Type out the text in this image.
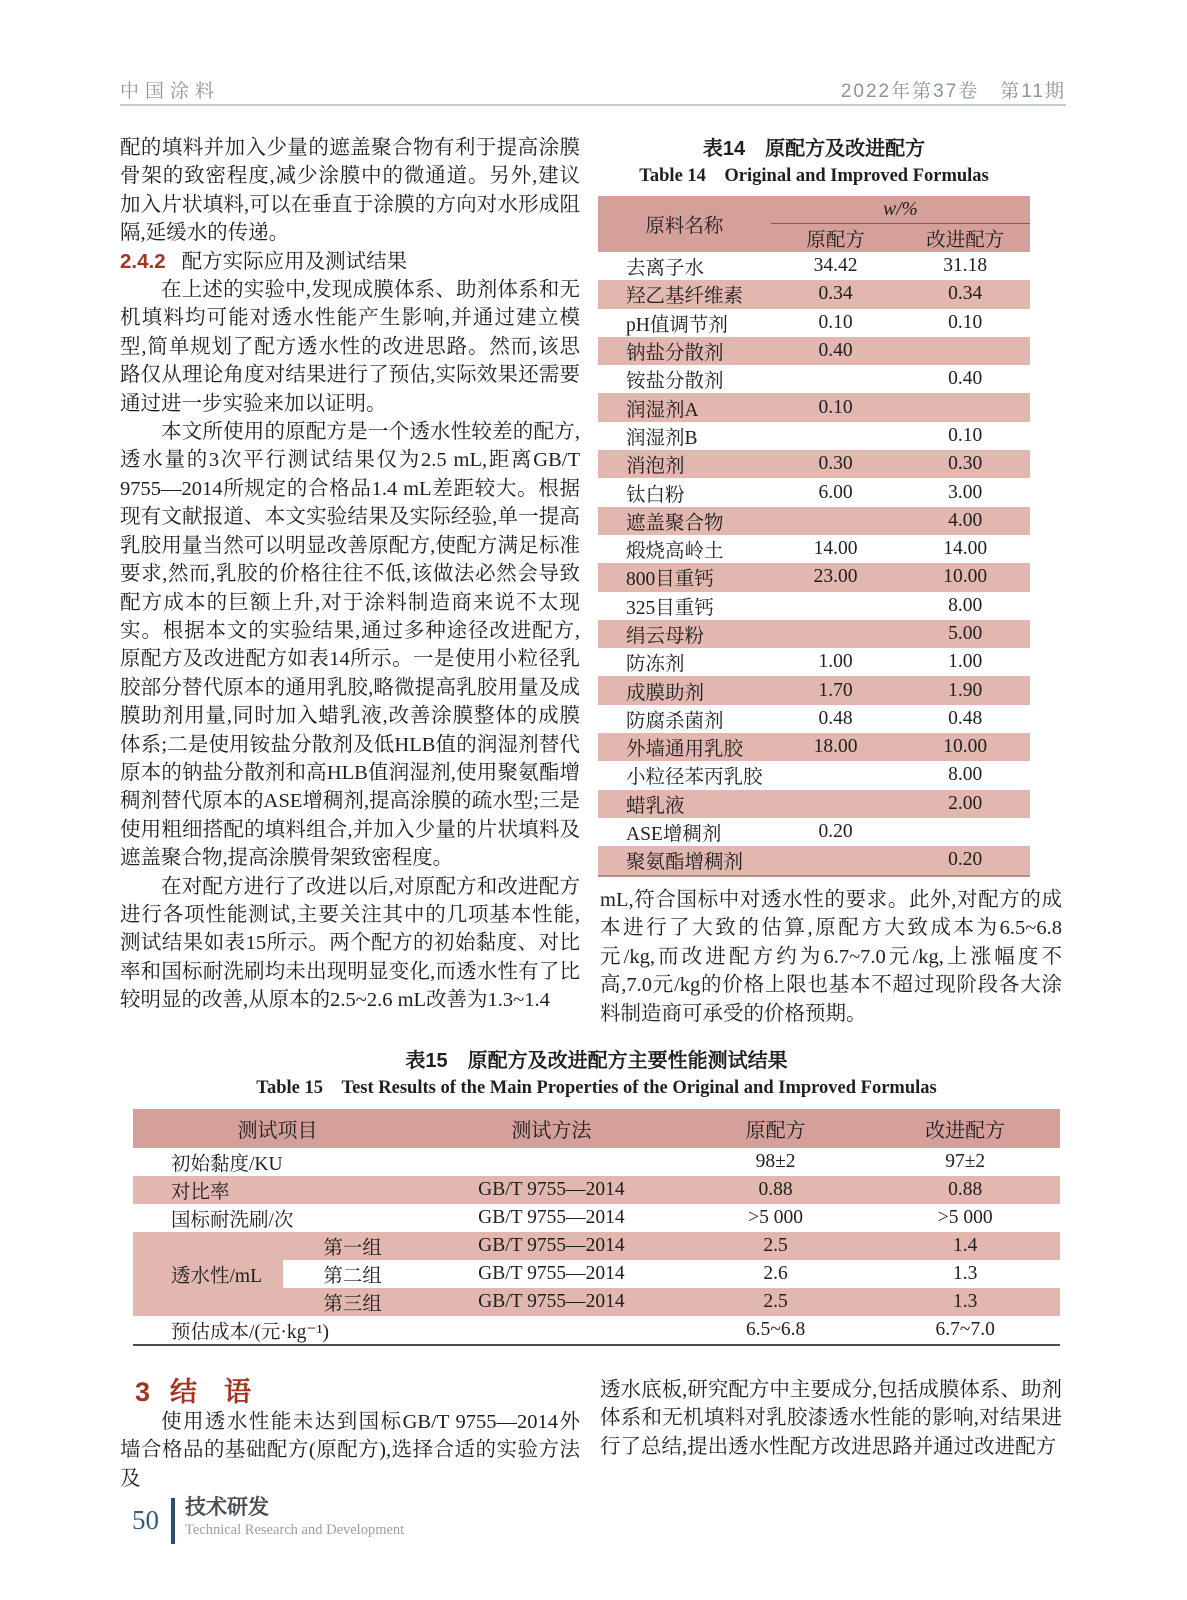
中国涂料	2022年第37卷　第11期

配的填料并加入少量的遮盖聚合物有利于提高涂膜骨架的致密程度,减少涂膜中的微通道。另外,建议加入片状填料,可以在垂直于涂膜的方向对水形成阻隔,延缓水的传递。

2.4.2 配方实际应用及测试结果

在上述的实验中,发现成膜体系、助剂体系和无机填料均可能对透水性能产生影响,并通过建立模型,简单规划了配方透水性的改进思路。然而,该思路仅从理论角度对结果进行了预估,实际效果还需要通过进一步实验来加以证明。

本文所使用的原配方是一个透水性较差的配方,透水量的3次平行测试结果仅为2.5 mL,距离GB/T 9755—2014所规定的合格品1.4 mL差距较大。根据现有文献报道、本文实验结果及实际经验,单一提高乳胶用量当然可以明显改善原配方,使配方满足标准要求,然而,乳胶的价格往往不低,该做法必然会导致配方成本的巨额上升,对于涂料制造商来说不太现实。根据本文的实验结果,通过多种途径改进配方,原配方及改进配方如表14所示。一是使用小粒径乳胶部分替代原本的通用乳胶,略微提高乳胶用量及成膜助剂用量,同时加入蜡乳液,改善涂膜整体的成膜体系;二是使用铵盐分散剂及低HLB值的润湿剂替代原本的钠盐分散剂和高HLB值润湿剂,使用聚氨酯增稠剂替代原本的ASE增稠剂,提高涂膜的疏水型;三是使用粗细搭配的填料组合,并加入少量的片状填料及遮盖聚合物,提高涂膜骨架致密程度。

在对配方进行了改进以后,对原配方和改进配方进行各项性能测试,主要关注其中的几项基本性能,测试结果如表15所示。两个配方的初始黏度、对比率和国标耐洗刷均未出现明显变化,而透水性有了比较明显的改善,从原本的2.5~2.6 mL改善为1.3~1.4

表14　原配方及改进配方
Table 14　Original and Improved Formulas
原料名称	w/%	
	原配方	改进配方
去离子水	34.42	31.18
羟乙基纤维素	0.34	0.34
pH值调节剂	0.10	0.10
钠盐分散剂	0.40	
铵盐分散剂		0.40
润湿剂A	0.10	
润湿剂B		0.10
消泡剂	0.30	0.30
钛白粉	6.00	3.00
遮盖聚合物		4.00
煅烧高岭土	14.00	14.00
800目重钙	23.00	10.00
325目重钙		8.00
绢云母粉		5.00
防冻剂	1.00	1.00
成膜助剂	1.70	1.90
防腐杀菌剂	0.48	0.48
外墙通用乳胶	18.00	10.00
小粒径苯丙乳胶		8.00
蜡乳液		2.00
ASE增稠剂	0.20	
聚氨酯增稠剂		0.20

mL,符合国标中对透水性的要求。此外,对配方的成本进行了大致的估算,原配方大致成本为6.5~6.8元/kg,而改进配方约为6.7~7.0元/kg,上涨幅度不高,7.0元/kg的价格上限也基本不超过现阶段各大涂料制造商可承受的价格预期。

表15　原配方及改进配方主要性能测试结果
Table 15　Test Results of the Main Properties of the Original and Improved Formulas
测试项目		测试方法	原配方	改进配方
初始黏度/KU			98±2	97±2
对比率		GB/T 9755—2014	0.88	0.88
国标耐洗刷/次		GB/T 9755—2014	>5 000	>5 000
透水性/mL	第一组	GB/T 9755—2014	2.5	1.4
	第二组	GB/T 9755—2014	2.6	1.3
	第三组	GB/T 9755—2014	2.5	1.3
预估成本/(元·kg⁻¹)			6.5~6.8	6.7~7.0
3 结　语

使用透水性能未达到国标GB/T 9755—2014外墙合格品的基础配方(原配方),选择合适的实验方法及

透水底板,研究配方中主要成分,包括成膜体系、助剂体系和无机填料对乳胶漆透水性能的影响,对结果进行了总结,提出透水性配方改进思路并通过改进配方

50 技术研发
Technical Research and Development
